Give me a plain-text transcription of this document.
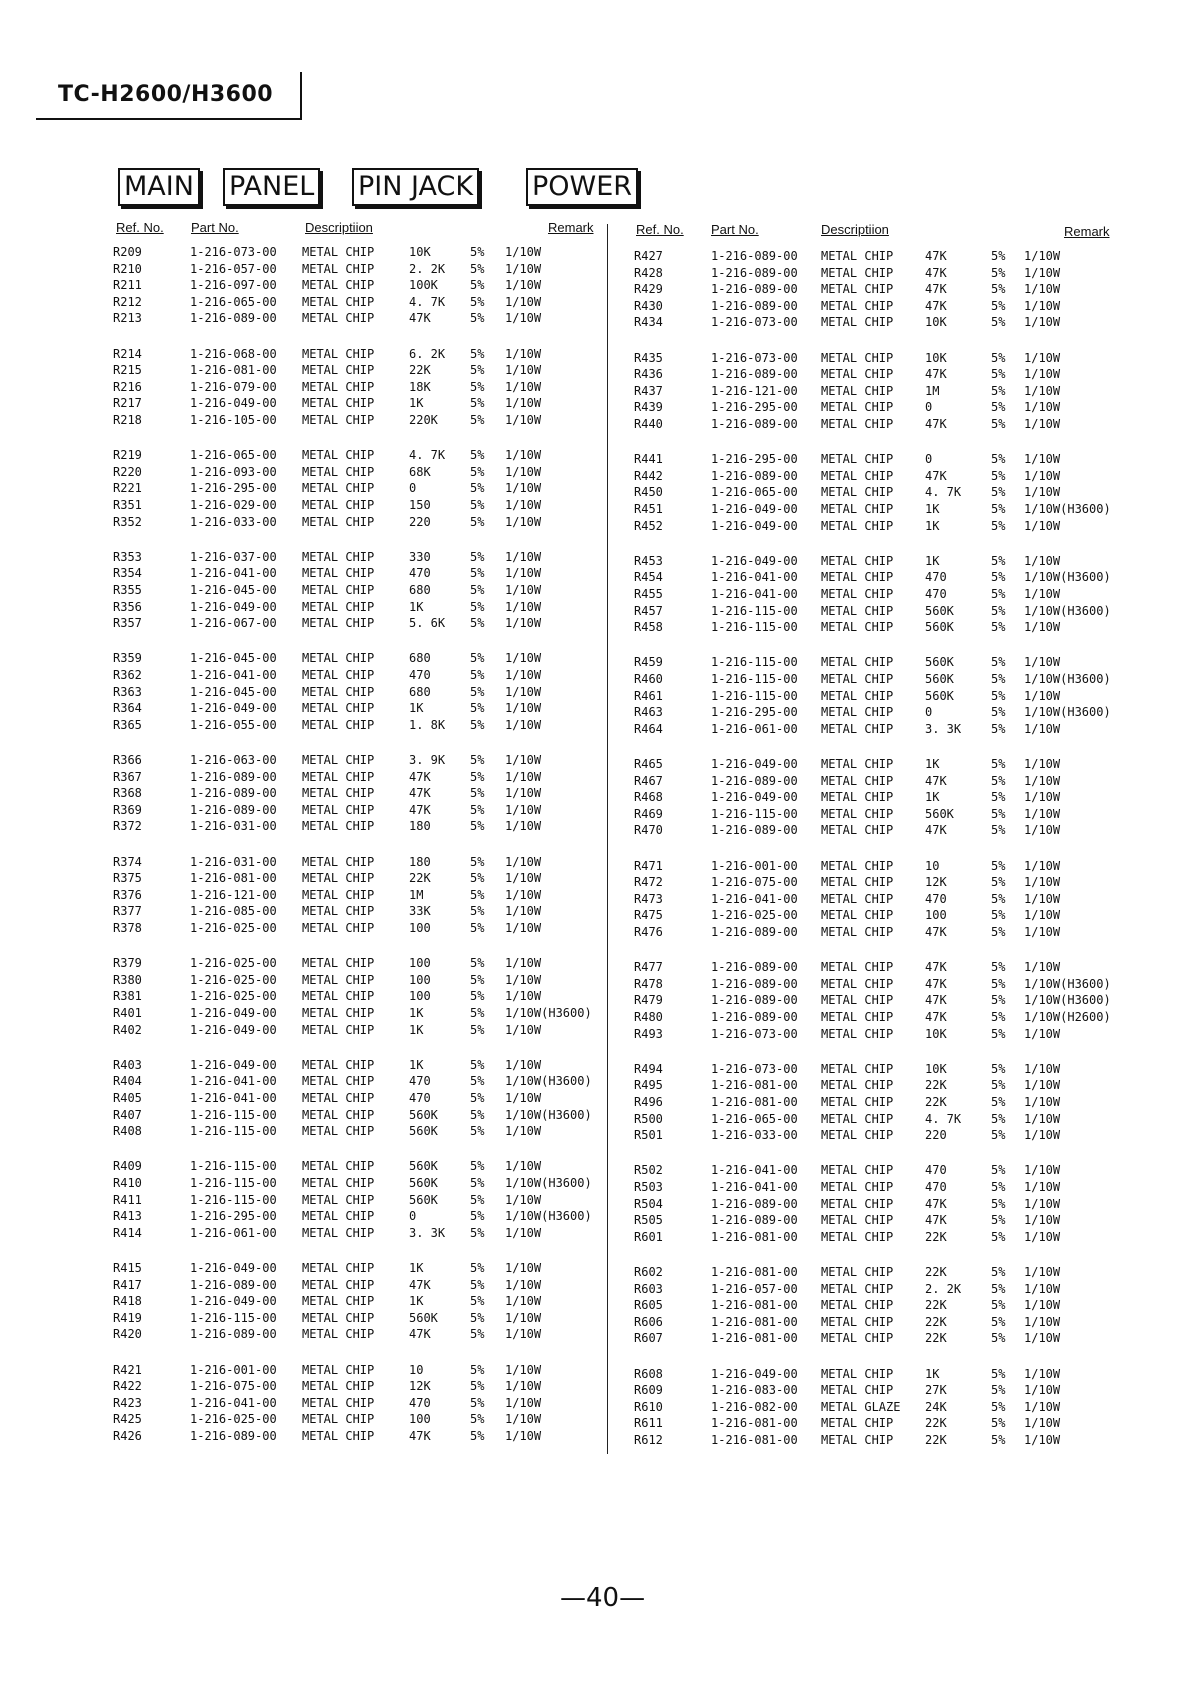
TC-H2600/H3600
MAIN PANEL PIN JACK POWER
Ref. No. Part No.	Descriptiion	Remark
R209	1-216-073-00 METAL CHIP	10K	5% 1/10W
R210	1-216-057-00 METAL CHIP	2. 2K 5% 1/10W
R211	1-216-097-00 METAL CHIP	100K	5% 1/10W
R212	1-216-065-00 METAL CHIP	4. 7K 5% 1/10W
R213	1-216-089-00 METAL CHIP	47K	5% 1/10W
R214	1-216-068-00 METAL CHIP	6. 2K 5% 1/10W
R215	1-216-081-00 METAL CHIP	22K	5% 1/10W
R216	1-216-079-00 METAL CHIP	18K	5% 1/10W
R217	1-216-049-00 METAL CHIP	1K	5% 1/10W
R218	1-216-105-00 METAL CHIP	220K	5% 1/10W
R219	1-216-065-00 METAL CHIP	4. 7K 5% 1/10W
R220	1-216-093-00 METAL CHIP	68K	5% 1/10W
R221	1-216-295-00 METAL CHIP	0	5% 1/10W
R351	1-216-029-00 METAL CHIP	150	5% 1/10W
R352	1-216-033-00 METAL CHIP	220	5% 1/10W
R353	1-216-037-00 METAL CHIP	330	5% 1/10W
R354	1-216-041-00 METAL CHIP	470	5% 1/10W
R355	1-216-045-00 METAL CHIP	680	5% 1/10W
R356	1-216-049-00 METAL CHIP	1K	5% 1/10W
R357	1-216-067-00 METAL CHIP	5. 6K 5% 1/10W
R359	1-216-045-00 METAL CHIP	680	5% 1/10W
R362	1-216-041-00 METAL CHIP	470	5% 1/10W
R363	1-216-045-00 METAL CHIP	680	5% 1/10W
R364	1-216-049-00 METAL CHIP	1K	5% 1/10W
R365	1-216-055-00 METAL CHIP	1. 8K 5% 1/10W
R366	1-216-063-00 METAL CHIP	3. 9K 5% 1/10W
R367	1-216-089-00 METAL CHIP	47K	5% 1/10W
R368	1-216-089-00 METAL CHIP	47K	5% 1/10W
R369	1-216-089-00 METAL CHIP	47K	5% 1/10W
R372	1-216-031-00 METAL CHIP	180	5% 1/10W
R374	1-216-031-00 METAL CHIP	180	5% 1/10W
R375	1-216-081-00 METAL CHIP	22K	5% 1/10W
R376	1-216-121-00 METAL CHIP	1M	5% 1/10W
R377	1-216-085-00 METAL CHIP	33K	5% 1/10W
R378	1-216-025-00 METAL CHIP	100	5% 1/10W
R379	1-216-025-00 METAL CHIP	100	5% 1/10W
R380	1-216-025-00 METAL CHIP	100	5% 1/10W
R381	1-216-025-00 METAL CHIP	100	5% 1/10W
R401	1-216-049-00 METAL CHIP	1K	5% 1/10W(H3600)
R402	1-216-049-00 METAL CHIP	1K	5% 1/10W
R403	1-216-049-00 METAL CHIP	1K	5% 1/10W
R404	1-216-041-00 METAL CHIP	470	5% 1/10W(H3600)
R405	1-216-041-00 METAL CHIP	470	5% 1/10W
R407	1-216-115-00 METAL CHIP	560K	5% 1/10W(H3600)
R408	1-216-115-00 METAL CHIP	560K	5% 1/10W
R409	1-216-115-00 METAL CHIP	560K	5% 1/10W
R410	1-216-115-00 METAL CHIP	560K	5% 1/10W(H3600)
R411	1-216-115-00 METAL CHIP	560K	5% 1/10W
R413	1-216-295-00 METAL CHIP	0	5% 1/10W(H3600)
R414	1-216-061-00 METAL CHIP	3. 3K 5% 1/10W
R415	1-216-049-00 METAL CHIP	1K	5% 1/10W
R417	1-216-089-00 METAL CHIP	47K	5% 1/10W
R418	1-216-049-00 METAL CHIP	1K	5% 1/10W
R419	1-216-115-00 METAL CHIP	560K	5% 1/10W
R420	1-216-089-00 METAL CHIP	47K	5% 1/10W
R421	1-216-001-00 METAL CHIP	10	5% 1/10W
R422	1-216-075-00 METAL CHIP	12K	5% 1/10W
R423	1-216-041-00 METAL CHIP	470	5% 1/10W
R425	1-216-025-00 METAL CHIP	100	5% 1/10W
R426	1-216-089-00 METAL CHIP	47K	5% 1/10W
Ref. No. Part No.	Descriptiion	Remark
R427	1-216-089-00 METAL CHIP	47K	5% 1/10W
R428	1-216-089-00 METAL CHIP	47K	5% 1/10W
R429	1-216-089-00 METAL CHIP	47K	5% 1/10W
R430	1-216-089-00 METAL CHIP	47K	5% 1/10W
R434	1-216-073-00 METAL CHIP	10K	5% 1/10W
R435	1-216-073-00 METAL CHIP	10K	5% 1/10W
R436	1-216-089-00 METAL CHIP	47K	5% 1/10W
R437	1-216-121-00 METAL CHIP	1M	5% 1/10W
R439	1-216-295-00 METAL CHIP	0	5% 1/10W
R440	1-216-089-00 METAL CHIP	47K	5% 1/10W
R441	1-216-295-00 METAL CHIP	0	5% 1/10W
R442	1-216-089-00 METAL CHIP	47K	5% 1/10W
R450	1-216-065-00 METAL CHIP	4. 7K 5% 1/10W
R451	1-216-049-00 METAL CHIP	1K	5% 1/10W(H3600)
R452	1-216-049-00 METAL CHIP	1K	5% 1/10W
R453	1-216-049-00 METAL CHIP	1K	5% 1/10W
R454	1-216-041-00 METAL CHIP	470	5% 1/10W(H3600)
R455	1-216-041-00 METAL CHIP	470	5% 1/10W
R457	1-216-115-00 METAL CHIP	560K	5% 1/10W(H3600)
R458	1-216-115-00 METAL CHIP	560K	5% 1/10W
R459	1-216-115-00 METAL CHIP	560K	5% 1/10W
R460	1-216-115-00 METAL CHIP	560K	5% 1/10W(H3600)
R461	1-216-115-00 METAL CHIP	560K	5% 1/10W
R463	1-216-295-00 METAL CHIP	0	5% 1/10W(H3600)
R464	1-216-061-00 METAL CHIP	3. 3K 5% 1/10W
R465	1-216-049-00 METAL CHIP	1K	5% 1/10W
R467	1-216-089-00 METAL CHIP	47K	5% 1/10W
R468	1-216-049-00 METAL CHIP	1K	5% 1/10W
R469	1-216-115-00 METAL CHIP	560K	5% 1/10W
R470	1-216-089-00 METAL CHIP	47K	5% 1/10W
R471	1-216-001-00 METAL CHIP	10	5% 1/10W
R472	1-216-075-00 METAL CHIP	12K	5% 1/10W
R473	1-216-041-00 METAL CHIP	470	5% 1/10W
R475	1-216-025-00 METAL CHIP	100	5% 1/10W
R476	1-216-089-00 METAL CHIP	47K	5% 1/10W
R477	1-216-089-00 METAL CHIP	47K	5% 1/10W
R478	1-216-089-00 METAL CHIP	47K	5% 1/10W(H3600)
R479	1-216-089-00 METAL CHIP	47K	5% 1/10W(H3600)
R480	1-216-089-00 METAL CHIP	47K	5% 1/10W(H2600)
R493	1-216-073-00 METAL CHIP	10K	5% 1/10W
R494	1-216-073-00 METAL CHIP	10K	5% 1/10W
R495	1-216-081-00 METAL CHIP	22K	5% 1/10W
R496	1-216-081-00 METAL CHIP	22K	5% 1/10W
R500	1-216-065-00 METAL CHIP	4. 7K 5% 1/10W
R501	1-216-033-00 METAL CHIP	220	5% 1/10W
R502	1-216-041-00 METAL CHIP	470	5% 1/10W
R503	1-216-041-00 METAL CHIP	470	5% 1/10W
R504	1-216-089-00 METAL CHIP	47K	5% 1/10W
R505	1-216-089-00 METAL CHIP	47K	5% 1/10W
R601	1-216-081-00 METAL CHIP	22K	5% 1/10W
R602	1-216-081-00 METAL CHIP	22K	5% 1/10W
R603	1-216-057-00 METAL CHIP	2. 2K 5% 1/10W
R605	1-216-081-00 METAL CHIP	22K	5% 1/10W
R606	1-216-081-00 METAL CHIP	22K	5% 1/10W
R607	1-216-081-00 METAL CHIP	22K	5% 1/10W
R608	1-216-049-00 METAL CHIP	1K	5% 1/10W
R609	1-216-083-00 METAL CHIP	27K	5% 1/10W
R610	1-216-082-00 METAL GLAZE 24K	5% 1/10W
R611	1-216-081-00 METAL CHIP	22K	5% 1/10W
R612	1-216-081-00 METAL CHIP	22K	5% 1/10W
—40—
